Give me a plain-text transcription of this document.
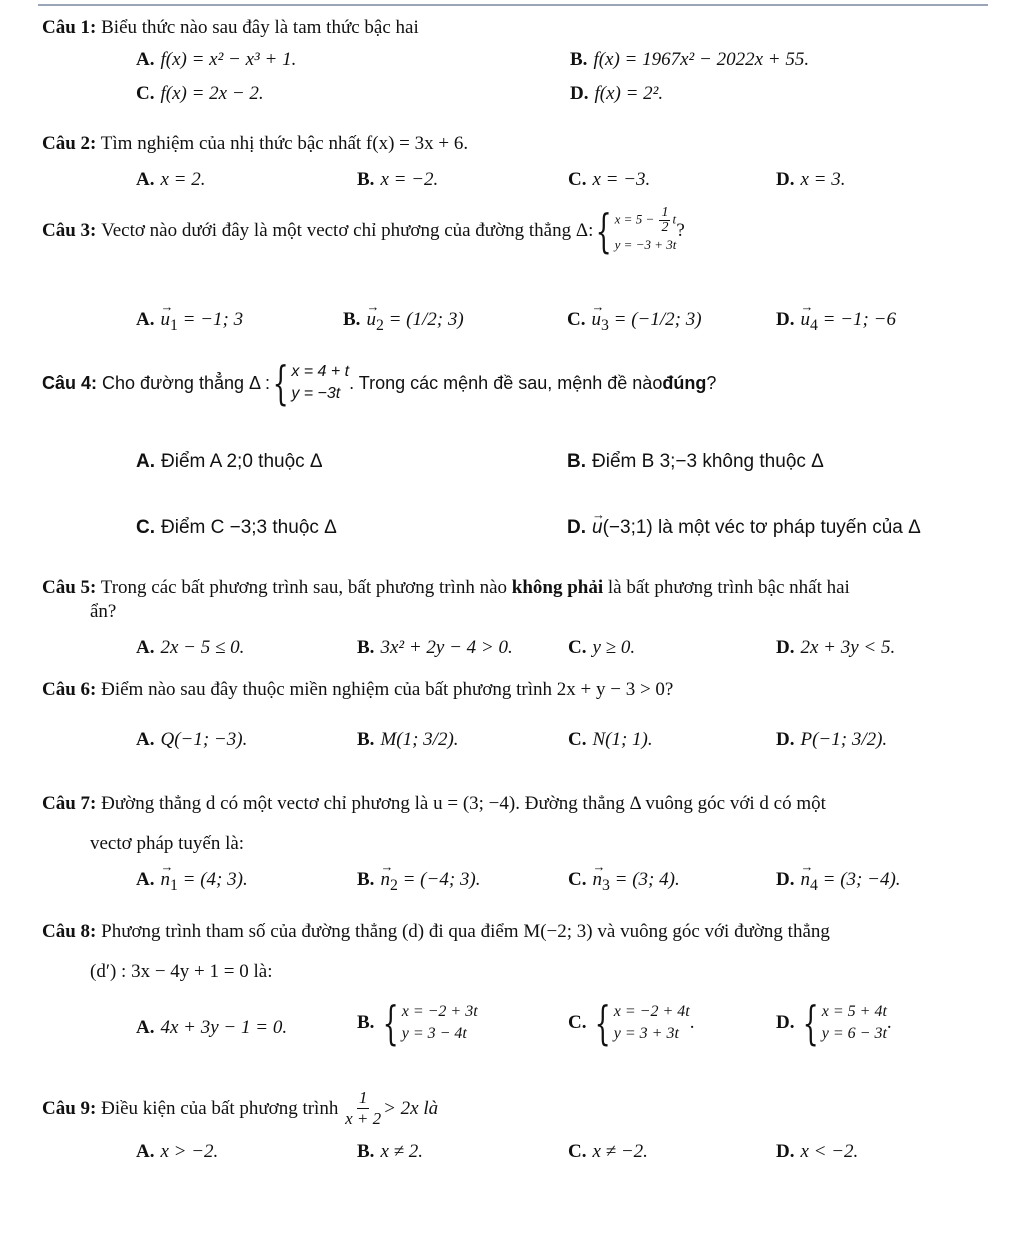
Câu 1: Biểu thức nào sau đây là tam thức bậc hai
A. f(x) = x² − x³ + 1.	B. f(x) = 1967x² − 2022x + 55.
C. f(x) = 2x − 2.	D. f(x) = 2².
Câu 2: Tìm nghiệm của nhị thức bậc nhất f(x) = 3x + 6.
A. x = 2.	B. x = −2.	C. x = −3.	D. x = 3.
Câu 3:
Vectơ nào dưới đây là một vectơ chỉ phương của đường thẳng Δ: { $x = 5 - \frac{1}{2}$ t
y = −3 + 3t
?
$A.\to u_1 = -1$; 3	$B.\to u_2 = (1/2$; 3)	$C.\to u_3 = (-1/2$; 3)	$D.\to u_4 = -1$; −6
Câu 4:
Cho đường thẳng Δ : { x = 4 + t
y = −3t
. Trong các mệnh đề sau, mệnh đề nào đúng ?
A. Điểm A 2;0 thuộc Δ	B. Điểm B 3;−3 không thuộc Δ
C. Điểm C −3;3 thuộc Δ	D.→ u(−3;1) là một véc tơ pháp tuyến của Δ
Câu 5: Trong các bất phương trình sau, bất phương trình nào không phải là bất phương trình bậc nhất hai
ẩn?
A. 2x − 5 ≤ 0.	B. 3x² + 2y − 4 > 0.	C. y ≥ 0.	D. 2x + 3y < 5.
Câu 6: Điểm nào sau đây thuộc miền nghiệm của bất phương trình 2x + y − 3 > 0?
A. Q(−1; −3).	B. M(1; 3/2).	C. N(1; 1).	D. P(−1; 3/2).
Câu 7: Đường thẳng d có một vectơ chỉ phương là u = (3; −4). Đường thẳng Δ vuông góc với d có một
vectơ pháp tuyến là:
$A.\to n_1 = (4$; 3).	$B.\to n_2 = (-4$; 3).	$C.\to n_3 = (3$; 4).	$D.\to n_4 = (3$; −4).
Câu 8: Phương trình tham số của đường thẳng (d) đi qua điểm M(−2; 3) và vuông góc với đường thẳng
(d′) : 3x − 4y + 1 = 0 là:
A. 4x + 3y − 1 = 0.	B. { x = −2 + 3t
y = 3 − 4t
C. { x = −2 + 4t
y = 3 + 3t
.	D. { x = 5 + 4t
y = 6 − 3t
.
Câu 9:
Điều kiện của bất phương trình
$\frac{1}{x + 2} > 2x$ là
A. x > −2.	B. x ≠ 2.	C. x ≠ −2.	D. x < −2.
